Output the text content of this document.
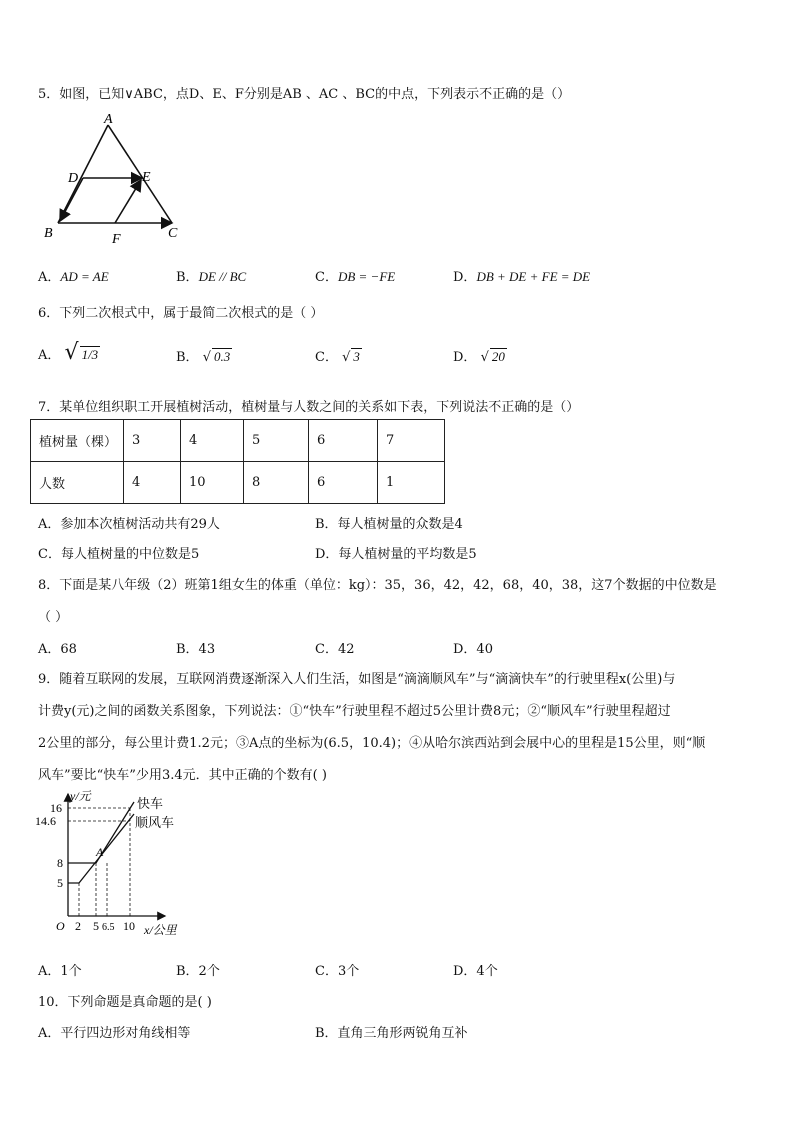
5．如图，已知∨ABC，点D、E、F分别是AB 、AC 、BC的中点，下列表示不正确的是（）
A
D	E
B	F	C
A．AD = AE	B．DE // BC	C．DB = −FE	D．DB + DE + FE = DE
6．下列二次根式中，属于最简二次根式的是（ ）
A． √ 1/3	B． √ 0.3	C． √ 3	D． √ 20
7．某单位组织职工开展植树活动，植树量与人数之间的关系如下表，下列说法不正确的是（）
植树量（棵）	3	4	5	6	7
人数	4	10	8	6	1
A．参加本次植树活动共有29人	B．每人植树量的众数是4
C．每人植树量的中位数是5	D．每人植树量的平均数是5
8．下面是某八年级（2）班第1组女生的体重（单位：kg）：35，36，42，42，68，40，38，这7个数据的中位数是
（ ）
A．68	B．43	C．42	D．40
9．随着互联网的发展，互联网消费逐渐深入人们生活，如图是“滴滴顺风车”与“滴滴快车”的行驶里程x(公里)与
计费y(元)之间的函数关系图象，下列说法：①“快车”行驶里程不超过5公里计费8元；②“顺风车”行驶里程超过
2公里的部分，每公里计费1.2元；③A点的坐标为(6.5，10.4)；④从哈尔滨西站到会展中心的里程是15公里，则“顺
风车”要比“快车”少用3.4元．其中正确的个数有( )
y/元
快车
顺风车
16
14.6
8
5
A
O 2 5 6.5 10 x/公里
A．1个	B．2个	C．3个	D．4个
10．下列命题是真命题的是( )
A．平行四边形对角线相等	B．直角三角形两锐角互补
